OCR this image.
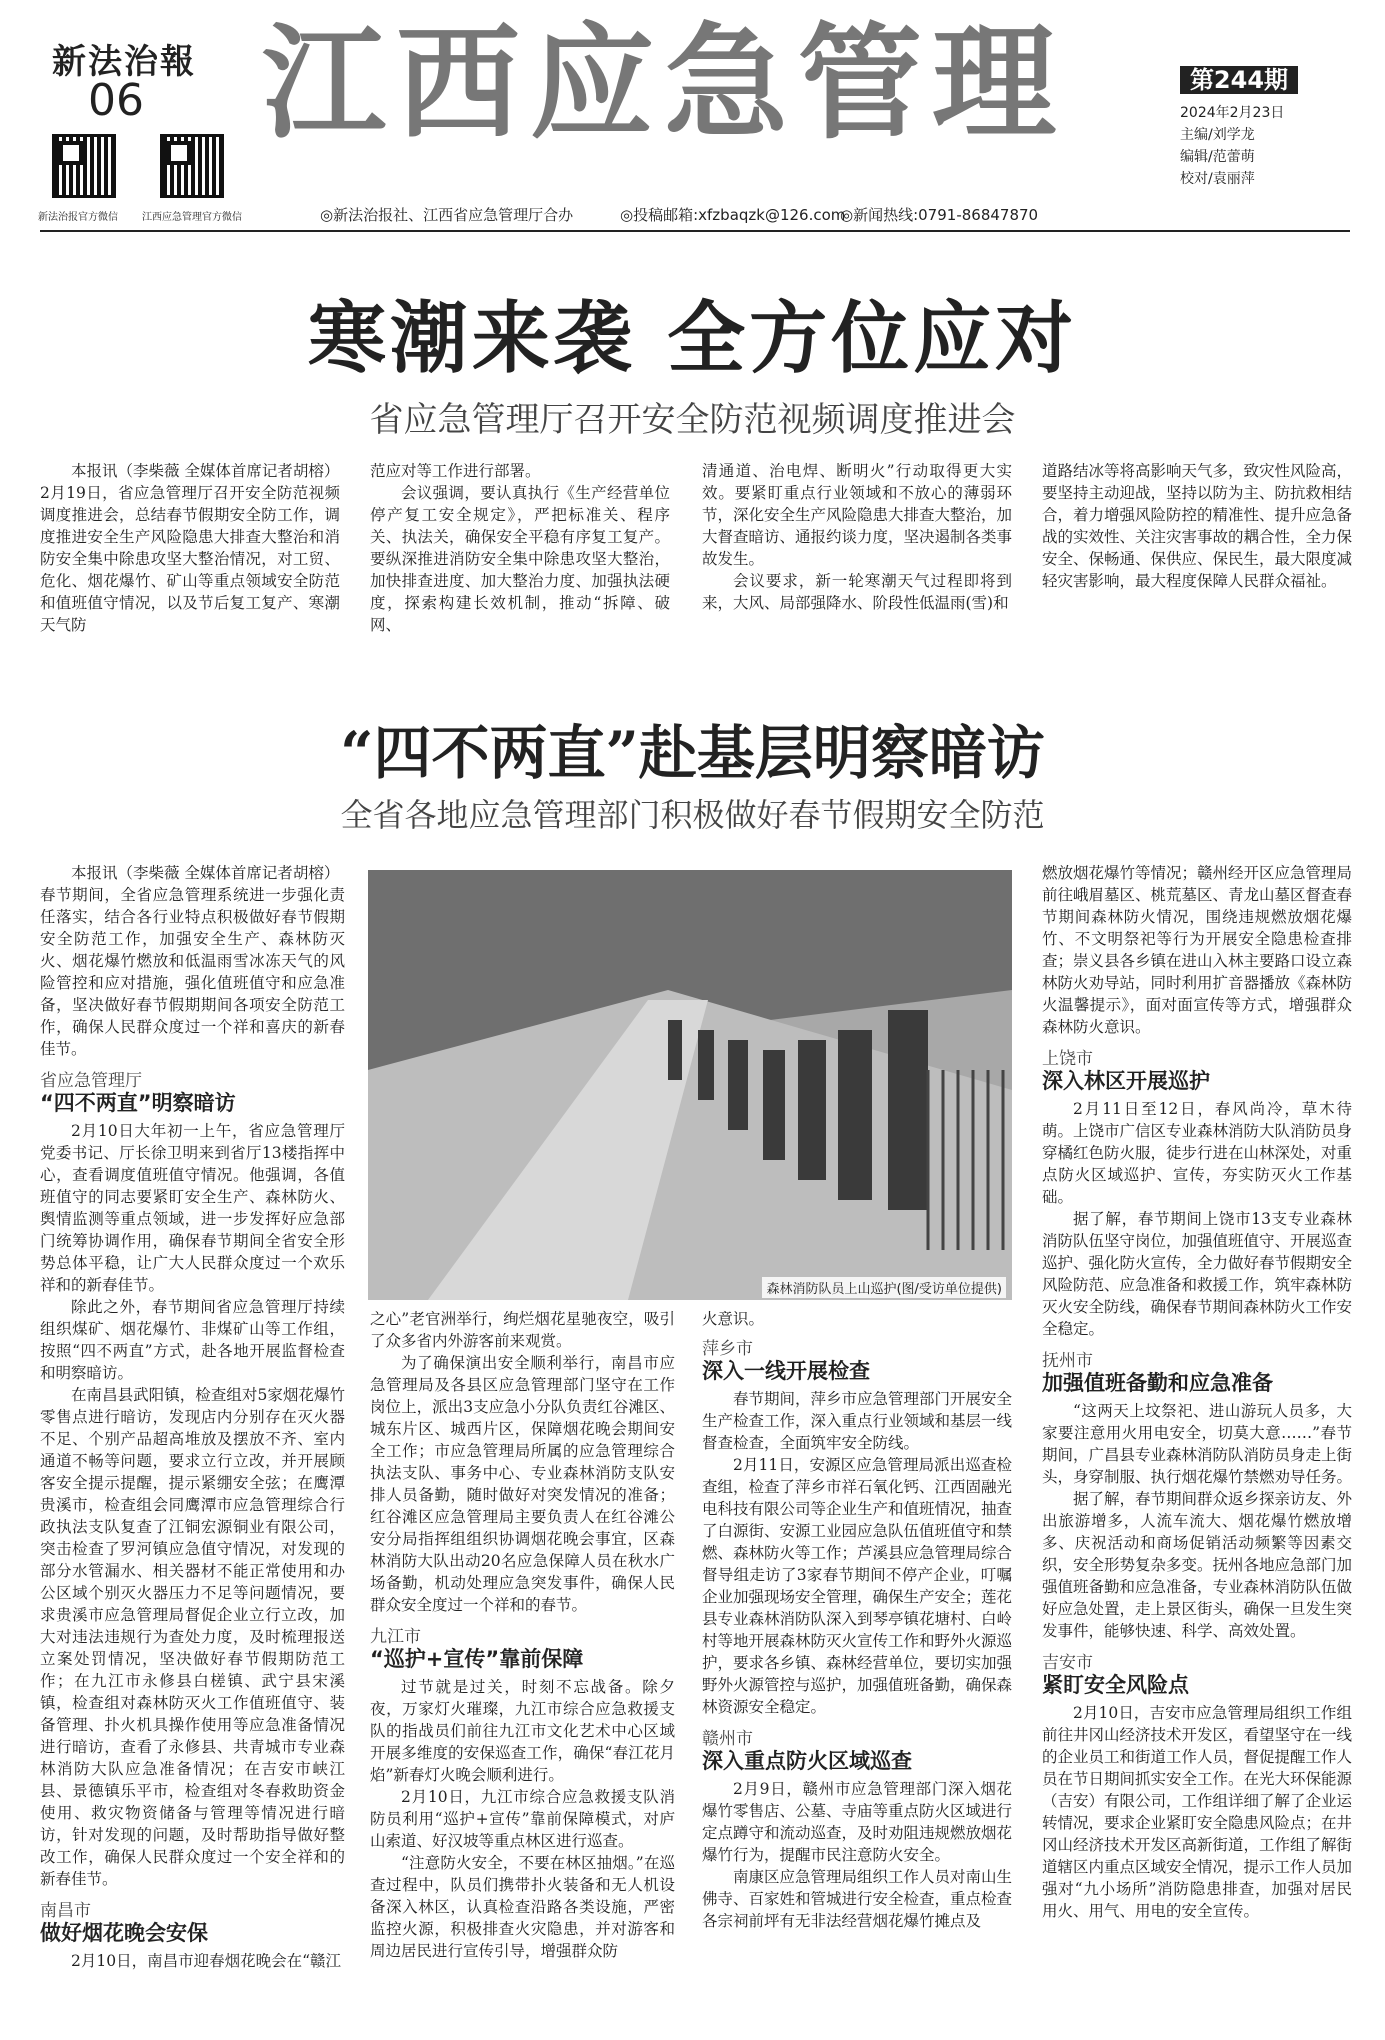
新法治報
06
新法治报官方微信 江西应急管理官方微信
江西应急管理	第244期
2024年2月23日
主编/刘学龙
编辑/范蕾萌
校对/袁丽萍
◎新法治报社、江西省应急管理厅合办	◎投稿邮箱:xfzbaqzk@126.com
◎新闻热线:0791-86847870
寒潮来袭 全方位应对
省应急管理厅召开安全防范视频调度推进会

本报讯（李柴薇 全媒体首席记者胡榕）

2月19日，省应急管理厅召开安全防范视频调度推进会，总结春节假期安全防工作，调度推进安全生产风险隐患大排查大整治和消防安全集中除患攻坚大整治情况，对工贸、危化、烟花爆竹、矿山等重点领域安全防范和值班值守情况，以及节后复工复产、寒潮天气防

范应对等工作进行部署。

会议强调，要认真执行《生产经营单位停产复工安全规定》，严把标准关、程序关、执法关，确保安全平稳有序复工复产。要纵深推进消防安全集中除患攻坚大整治，加快排查进度、加大整治力度、加强执法硬度，探索构建长效机制，推动“拆障、破网、

清通道、治电焊、断明火”行动取得更大实效。要紧盯重点行业领域和不放心的薄弱环节，深化安全生产风险隐患大排查大整治，加大督查暗访、通报约谈力度，坚决遏制各类事故发生。

会议要求，新一轮寒潮天气过程即将到来，大风、局部强降水、阶段性低温雨(雪)和

道路结冰等将高影响天气多，致灾性风险高，要坚持主动迎战，坚持以防为主、防抗救相结合，着力增强风险防控的精准性、提升应急备战的实效性、关注灾害事故的耦合性，全力保安全、保畅通、保供应、保民生，最大限度减轻灾害影响，最大程度保障人民群众福祉。

“四不两直”赴基层明察暗访
全省各地应急管理部门积极做好春节假期安全防范
森林消防队员上山巡护(图/受访单位提供)

本报讯（李柴薇 全媒体首席记者胡榕）

春节期间，全省应急管理系统进一步强化责任落实，结合各行业特点积极做好春节假期安全防范工作，加强安全生产、森林防灭火、烟花爆竹燃放和低温雨雪冰冻天气的风险管控和应对措施，强化值班值守和应急准备，坚决做好春节假期期间各项安全防范工作，确保人民群众度过一个祥和喜庆的新春佳节。

省应急管理厅
“四不两直”明察暗访

2月10日大年初一上午，省应急管理厅党委书记、厅长徐卫明来到省厅13楼指挥中心，查看调度值班值守情况。他强调，各值班值守的同志要紧盯安全生产、森林防火、舆情监测等重点领域，进一步发挥好应急部门统筹协调作用，确保春节期间全省安全形势总体平稳，让广大人民群众度过一个欢乐祥和的新春佳节。

除此之外，春节期间省应急管理厅持续组织煤矿、烟花爆竹、非煤矿山等工作组，按照“四不两直”方式，赴各地开展监督检查和明察暗访。

在南昌县武阳镇，检查组对5家烟花爆竹零售点进行暗访，发现店内分别存在灭火器不足、个别产品超高堆放及摆放不齐、室内通道不畅等问题，要求立行立改，并开展顾客安全提示提醒，提示紧绷安全弦；在鹰潭贵溪市，检查组会同鹰潭市应急管理综合行政执法支队复查了江铜宏源铜业有限公司，突击检查了罗河镇应急值守情况，对发现的部分水管漏水、相关器材不能正常使用和办公区域个别灭火器压力不足等问题情况，要求贵溪市应急管理局督促企业立行立改，加大对违法违规行为查处力度，及时梳理报送立案处罚情况，坚决做好春节假期防范工作；在九江市永修县白槎镇、武宁县宋溪镇，检查组对森林防灭火工作值班值守、装备管理、扑火机具操作使用等应急准备情况进行暗访，查看了永修县、共青城市专业森林消防大队应急准备情况；在吉安市峡江县、景德镇乐平市，检查组对冬春救助资金使用、救灾物资储备与管理等情况进行暗访，针对发现的问题，及时帮助指导做好整改工作，确保人民群众度过一个安全祥和的新春佳节。

南昌市
做好烟花晚会安保

2月10日，南昌市迎春烟花晚会在“赣江

之心”老官洲举行，绚烂烟花星驰夜空，吸引了众多省内外游客前来观赏。

为了确保演出安全顺利举行，南昌市应急管理局及各县区应急管理部门坚守在工作岗位上，派出3支应急小分队负责红谷滩区、城东片区、城西片区，保障烟花晚会期间安全工作；市应急管理局所属的应急管理综合执法支队、事务中心、专业森林消防支队安排人员备勤，随时做好对突发情况的准备；红谷滩区应急管理局主要负责人在红谷滩公安分局指挥组组织协调烟花晚会事宜，区森林消防大队出动20名应急保障人员在秋水广场备勤，机动处理应急突发事件，确保人民群众安全度过一个祥和的春节。

九江市
“巡护+宣传”靠前保障

过节就是过关，时刻不忘战备。除夕夜，万家灯火璀璨，九江市综合应急救援支队的指战员们前往九江市文化艺术中心区域开展多维度的安保巡查工作，确保“春江花月焰”新春灯火晚会顺利进行。

2月10日，九江市综合应急救援支队消防员利用“巡护+宣传”靠前保障模式，对庐山索道、好汉坡等重点林区进行巡查。

“注意防火安全，不要在林区抽烟。”在巡查过程中，队员们携带扑火装备和无人机设备深入林区，认真检查沿路各类设施，严密监控火源，积极排查火灾隐患，并对游客和周边居民进行宣传引导，增强群众防

火意识。

萍乡市
深入一线开展检查

春节期间，萍乡市应急管理部门开展安全生产检查工作，深入重点行业领域和基层一线督查检查，全面筑牢安全防线。

2月11日，安源区应急管理局派出巡查检查组，检查了萍乡市祥石氧化钙、江西固融光电科技有限公司等企业生产和值班情况，抽查了白源街、安源工业园应急队伍值班值守和禁燃、森林防火等工作；芦溪县应急管理局综合督导组走访了3家春节期间不停产企业，叮嘱企业加强现场安全管理，确保生产安全；莲花县专业森林消防队深入到琴亭镇花塘村、白岭村等地开展森林防灭火宣传工作和野外火源巡护，要求各乡镇、森林经营单位，要切实加强野外火源管控与巡护，加强值班备勤，确保森林资源安全稳定。

赣州市
深入重点防火区域巡查

2月9日，赣州市应急管理部门深入烟花爆竹零售店、公墓、寺庙等重点防火区域进行定点蹲守和流动巡查，及时劝阻违规燃放烟花爆竹行为，提醒市民注意防火安全。

南康区应急管理局组织工作人员对南山生佛寺、百家姓和管城进行安全检查，重点检查各宗祠前坪有无非法经营烟花爆竹摊点及

燃放烟花爆竹等情况；赣州经开区应急管理局前往峨眉墓区、桃荒墓区、青龙山墓区督查春节期间森林防火情况，围绕违规燃放烟花爆竹、不文明祭祀等行为开展安全隐患检查排查；崇义县各乡镇在进山入林主要路口设立森林防火劝导站，同时利用扩音器播放《森林防火温馨提示》，面对面宣传等方式，增强群众森林防火意识。

上饶市
深入林区开展巡护

2月11日至12日，春风尚冷，草木待萌。上饶市广信区专业森林消防大队消防员身穿橘红色防火服，徒步行进在山林深处，对重点防火区域巡护、宣传，夯实防灭火工作基础。

据了解，春节期间上饶市13支专业森林消防队伍坚守岗位，加强值班值守、开展巡查巡护、强化防火宣传，全力做好春节假期安全风险防范、应急准备和救援工作，筑牢森林防灭火安全防线，确保春节期间森林防火工作安全稳定。

抚州市
加强值班备勤和应急准备

“这两天上坟祭祀、进山游玩人员多，大家要注意用火用电安全，切莫大意……”春节期间，广昌县专业森林消防队消防员身走上街头，身穿制服、执行烟花爆竹禁燃劝导任务。

据了解，春节期间群众返乡探亲访友、外出旅游增多，人流车流大、烟花爆竹燃放增多、庆祝活动和商场促销活动频繁等因素交织，安全形势复杂多变。抚州各地应急部门加强值班备勤和应急准备，专业森林消防队伍做好应急处置，走上景区街头，确保一旦发生突发事件，能够快速、科学、高效处置。

吉安市
紧盯安全风险点

2月10日，吉安市应急管理局组织工作组前往井冈山经济技术开发区，看望坚守在一线的企业员工和街道工作人员，督促提醒工作人员在节日期间抓实安全工作。在光大环保能源（吉安）有限公司，工作组详细了解了企业运转情况，要求企业紧盯安全隐患风险点；在井冈山经济技术开发区高新街道，工作组了解街道辖区内重点区域安全情况，提示工作人员加强对“九小场所”消防隐患排查，加强对居民用火、用气、用电的安全宣传。
